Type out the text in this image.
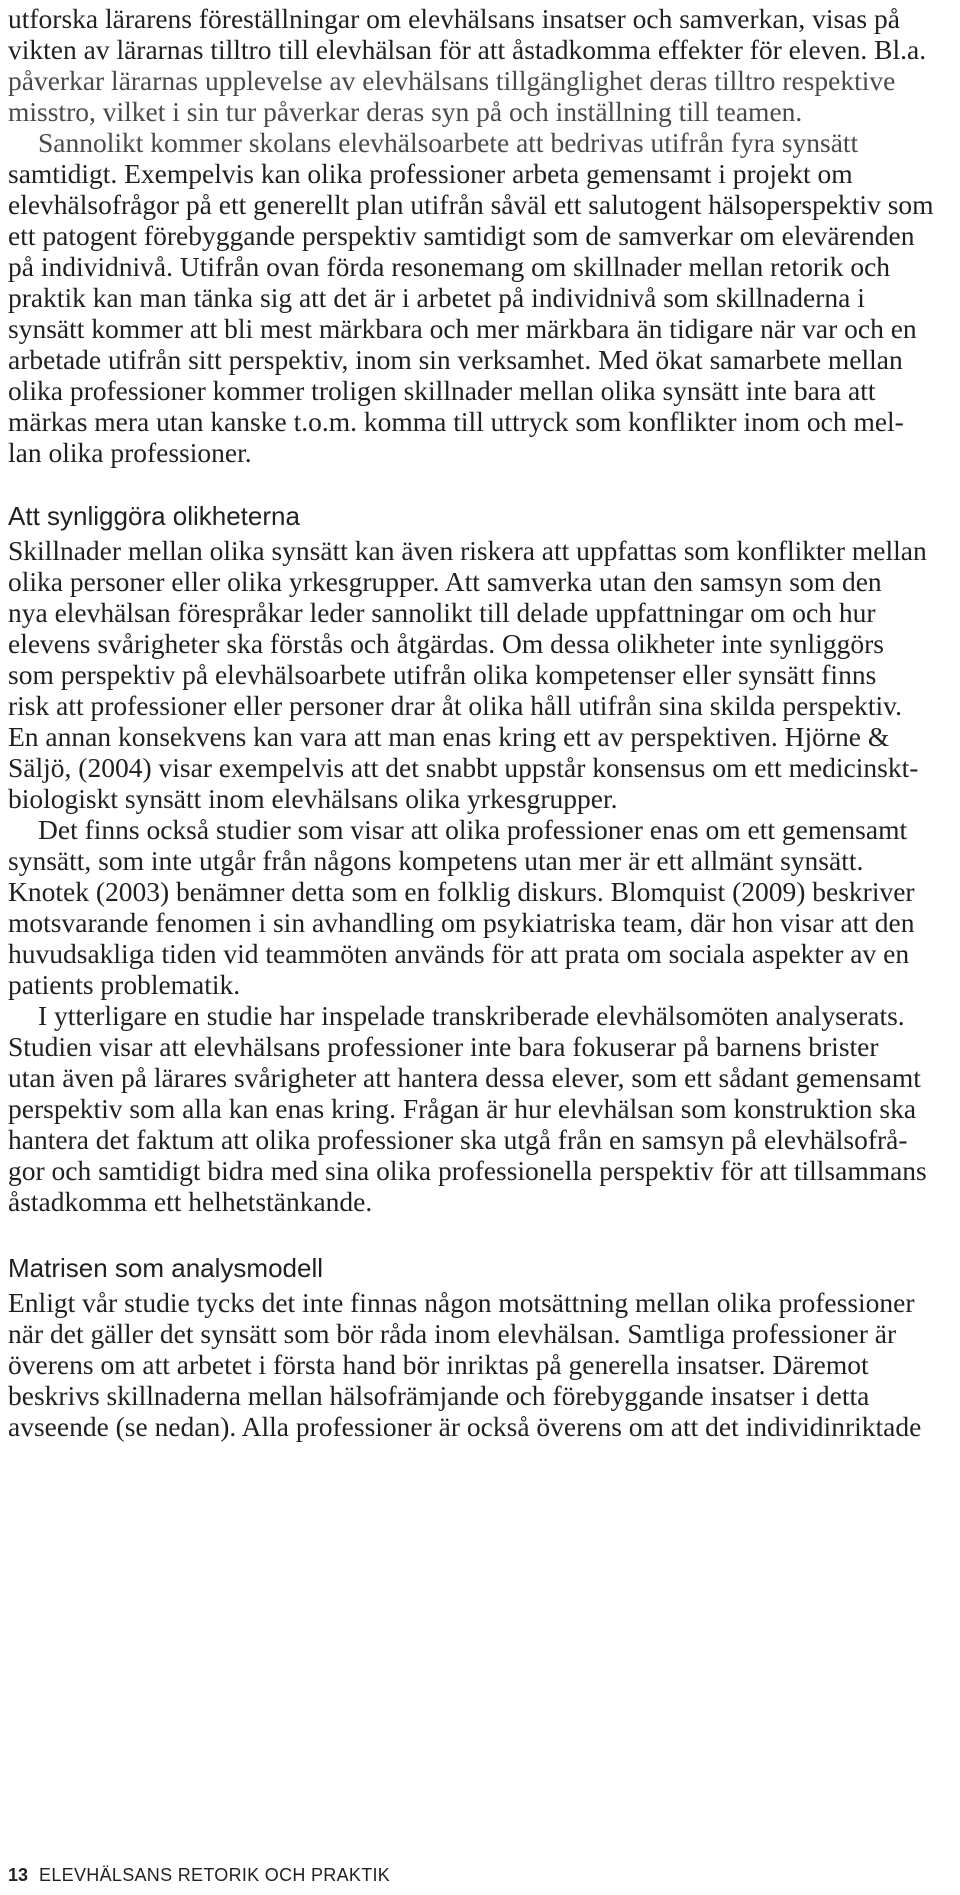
utforska lärarens föreställningar om elevhälsans insatser och samverkan, visas på
vikten av lärarnas tilltro till elevhälsan för att åstadkomma effekter för eleven. Bl.a.
påverkar lärarnas upplevelse av elevhälsans tillgänglighet deras tilltro respektive
misstro, vilket i sin tur påverkar deras syn på och inställning till teamen.
Sannolikt kommer skolans elevhälsoarbete att bedrivas utifrån fyra synsätt
samtidigt. Exempelvis kan olika professioner arbeta gemensamt i projekt om
elevhälsofrågor på ett generellt plan utifrån såväl ett salutogent hälsoperspektiv som
ett patogent förebyggande perspektiv samtidigt som de samverkar om elevärenden
på individnivå. Utifrån ovan förda resonemang om skillnader mellan retorik och
praktik kan man tänka sig att det är i arbetet på individnivå som skillnaderna i
synsätt kommer att bli mest märkbara och mer märkbara än tidigare när var och en
arbetade utifrån sitt perspektiv, inom sin verksamhet. Med ökat samarbete mellan
olika professioner kommer troligen skillnader mellan olika synsätt inte bara att
märkas mera utan kanske t.o.m. komma till uttryck som konflikter inom och mel-
lan olika professioner.
Att synliggöra olikheterna
Skillnader mellan olika synsätt kan även riskera att uppfattas som konflikter mellan
olika personer eller olika yrkesgrupper. Att samverka utan den samsyn som den
nya elevhälsan förespråkar leder sannolikt till delade uppfattningar om och hur
elevens svårigheter ska förstås och åtgärdas. Om dessa olikheter inte synliggörs
som perspektiv på elevhälsoarbete utifrån olika kompetenser eller synsätt finns
risk att professioner eller personer drar åt olika håll utifrån sina skilda perspektiv.
En annan konsekvens kan vara att man enas kring ett av perspektiven. Hjörne &
Säljö, (2004) visar exempelvis att det snabbt uppstår konsensus om ett medicinskt-
biologiskt synsätt inom elevhälsans olika yrkesgrupper.
Det finns också studier som visar att olika professioner enas om ett gemensamt
synsätt, som inte utgår från någons kompetens utan mer är ett allmänt synsätt.
Knotek (2003) benämner detta som en folklig diskurs. Blomquist (2009) beskriver
motsvarande fenomen i sin avhandling om psykiatriska team, där hon visar att den
huvudsakliga tiden vid teammöten används för att prata om sociala aspekter av en
patients problematik.
I ytterligare en studie har inspelade transkriberade elevhälsomöten analyserats.
Studien visar att elevhälsans professioner inte bara fokuserar på barnens brister
utan även på lärares svårigheter att hantera dessa elever, som ett sådant gemensamt
perspektiv som alla kan enas kring. Frågan är hur elevhälsan som konstruktion ska
hantera det faktum att olika professioner ska utgå från en samsyn på elevhälsofrå-
gor och samtidigt bidra med sina olika professionella perspektiv för att tillsammans
åstadkomma ett helhetstänkande.
Matrisen som analysmodell
Enligt vår studie tycks det inte finnas någon motsättning mellan olika professioner
när det gäller det synsätt som bör råda inom elevhälsan. Samtliga professioner är
överens om att arbetet i första hand bör inriktas på generella insatser. Däremot
beskrivs skillnaderna mellan hälsofrämjande och förebyggande insatser i detta
avseende (se nedan). Alla professioner är också överens om att det individinriktade
13 ELEVHÄLSANS RETORIK OCH PRAKTIK
